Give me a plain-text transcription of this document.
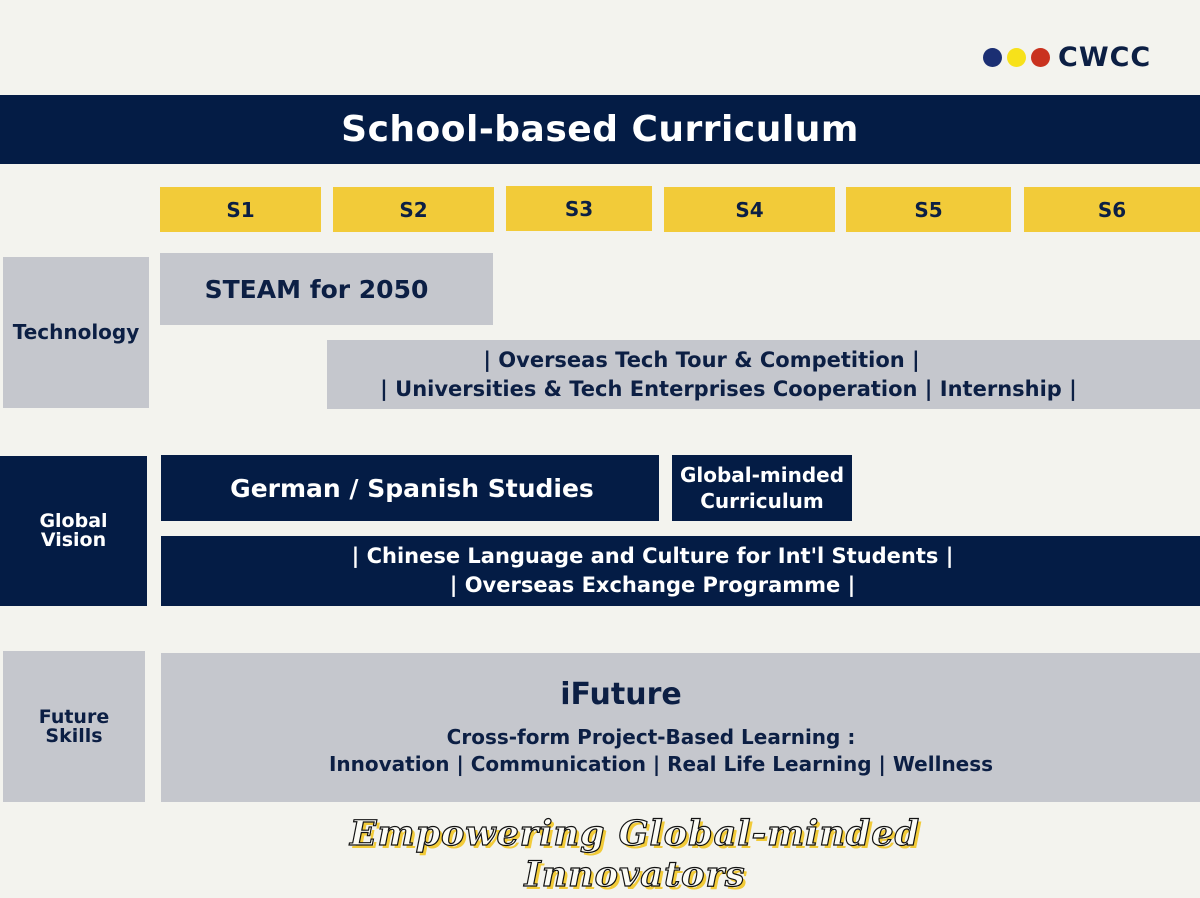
CWCC
School-based Curriculum
S1	S2	S3	S4	S5	S6
Technology
STEAM for 2050
| Overseas Tech Tour & Competition |
| Universities & Tech Enterprises Cooperation | Internship |
Global
Vision
German / Spanish Studies	Global-minded
Curriculum
| Chinese Language and Culture for Int'l Students |
| Overseas Exchange Programme |
Future
Skills
iFuture
Cross-form Project-Based Learning :
Innovation | Communication | Real Life Learning | Wellness
Empowering Global-minded Innovators
